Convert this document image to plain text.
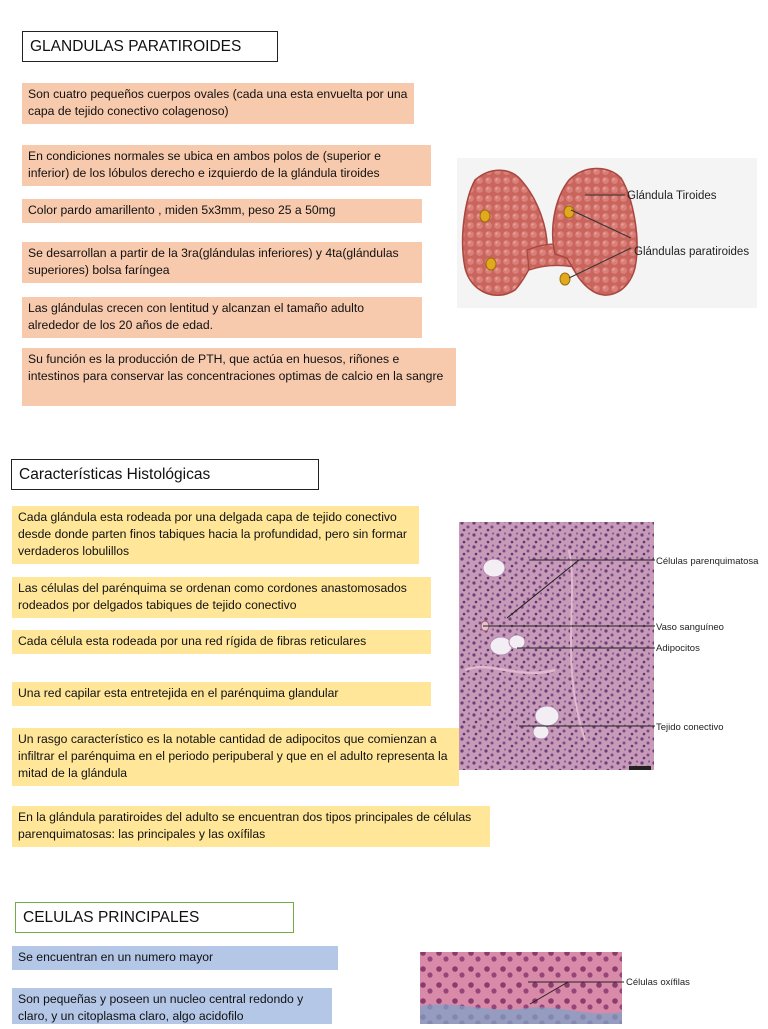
GLANDULAS PARATIROIDES
Son cuatro pequeños cuerpos ovales (cada una esta envuelta por una capa de tejido conectivo colagenoso)
En condiciones normales se ubica en ambos polos de (superior e inferior) de los lóbulos derecho e izquierdo de la glándula tiroides
Color pardo amarillento , miden 5x3mm, peso 25 a 50mg
Se desarrollan a partir de la 3ra(glándulas inferiores) y 4ta(glándulas superiores) bolsa faríngea
Las glándulas crecen con lentitud y alcanzan el tamaño adulto alrededor de los 20 años de edad.
Su función es la producción de PTH, que actúa en huesos, riñones e intestinos para conservar las concentraciones optimas de calcio en la sangre
Glándula Tiroides
Glándulas paratiroides
Características Histológicas
Cada glándula esta rodeada por una delgada capa de tejido conectivo desde donde parten finos tabiques hacia la profundidad, pero sin formar verdaderos lobulillos
Las células del parénquima se ordenan como cordones anastomosados rodeados por delgados tabiques de tejido conectivo
Cada célula esta rodeada por una red rígida de fibras reticulares
Una red capilar esta entretejida en el parénquima glandular
Un rasgo característico es la notable cantidad de adipocitos que comienzan a infiltrar el parénquima en el periodo peripuberal y que en el adulto representa la mitad de la glándula
En la glándula paratiroides del adulto se encuentran dos tipos principales de células parenquimatosas: las principales y las oxífilas
Células parenquimatosas
Vaso sanguíneo
Adipocitos
Tejido conectivo
CELULAS PRINCIPALES
Se encuentran en un numero mayor
Son pequeñas y poseen un nucleo central redondo y claro, y un citoplasma claro, algo acidofilo
Células oxífilas
